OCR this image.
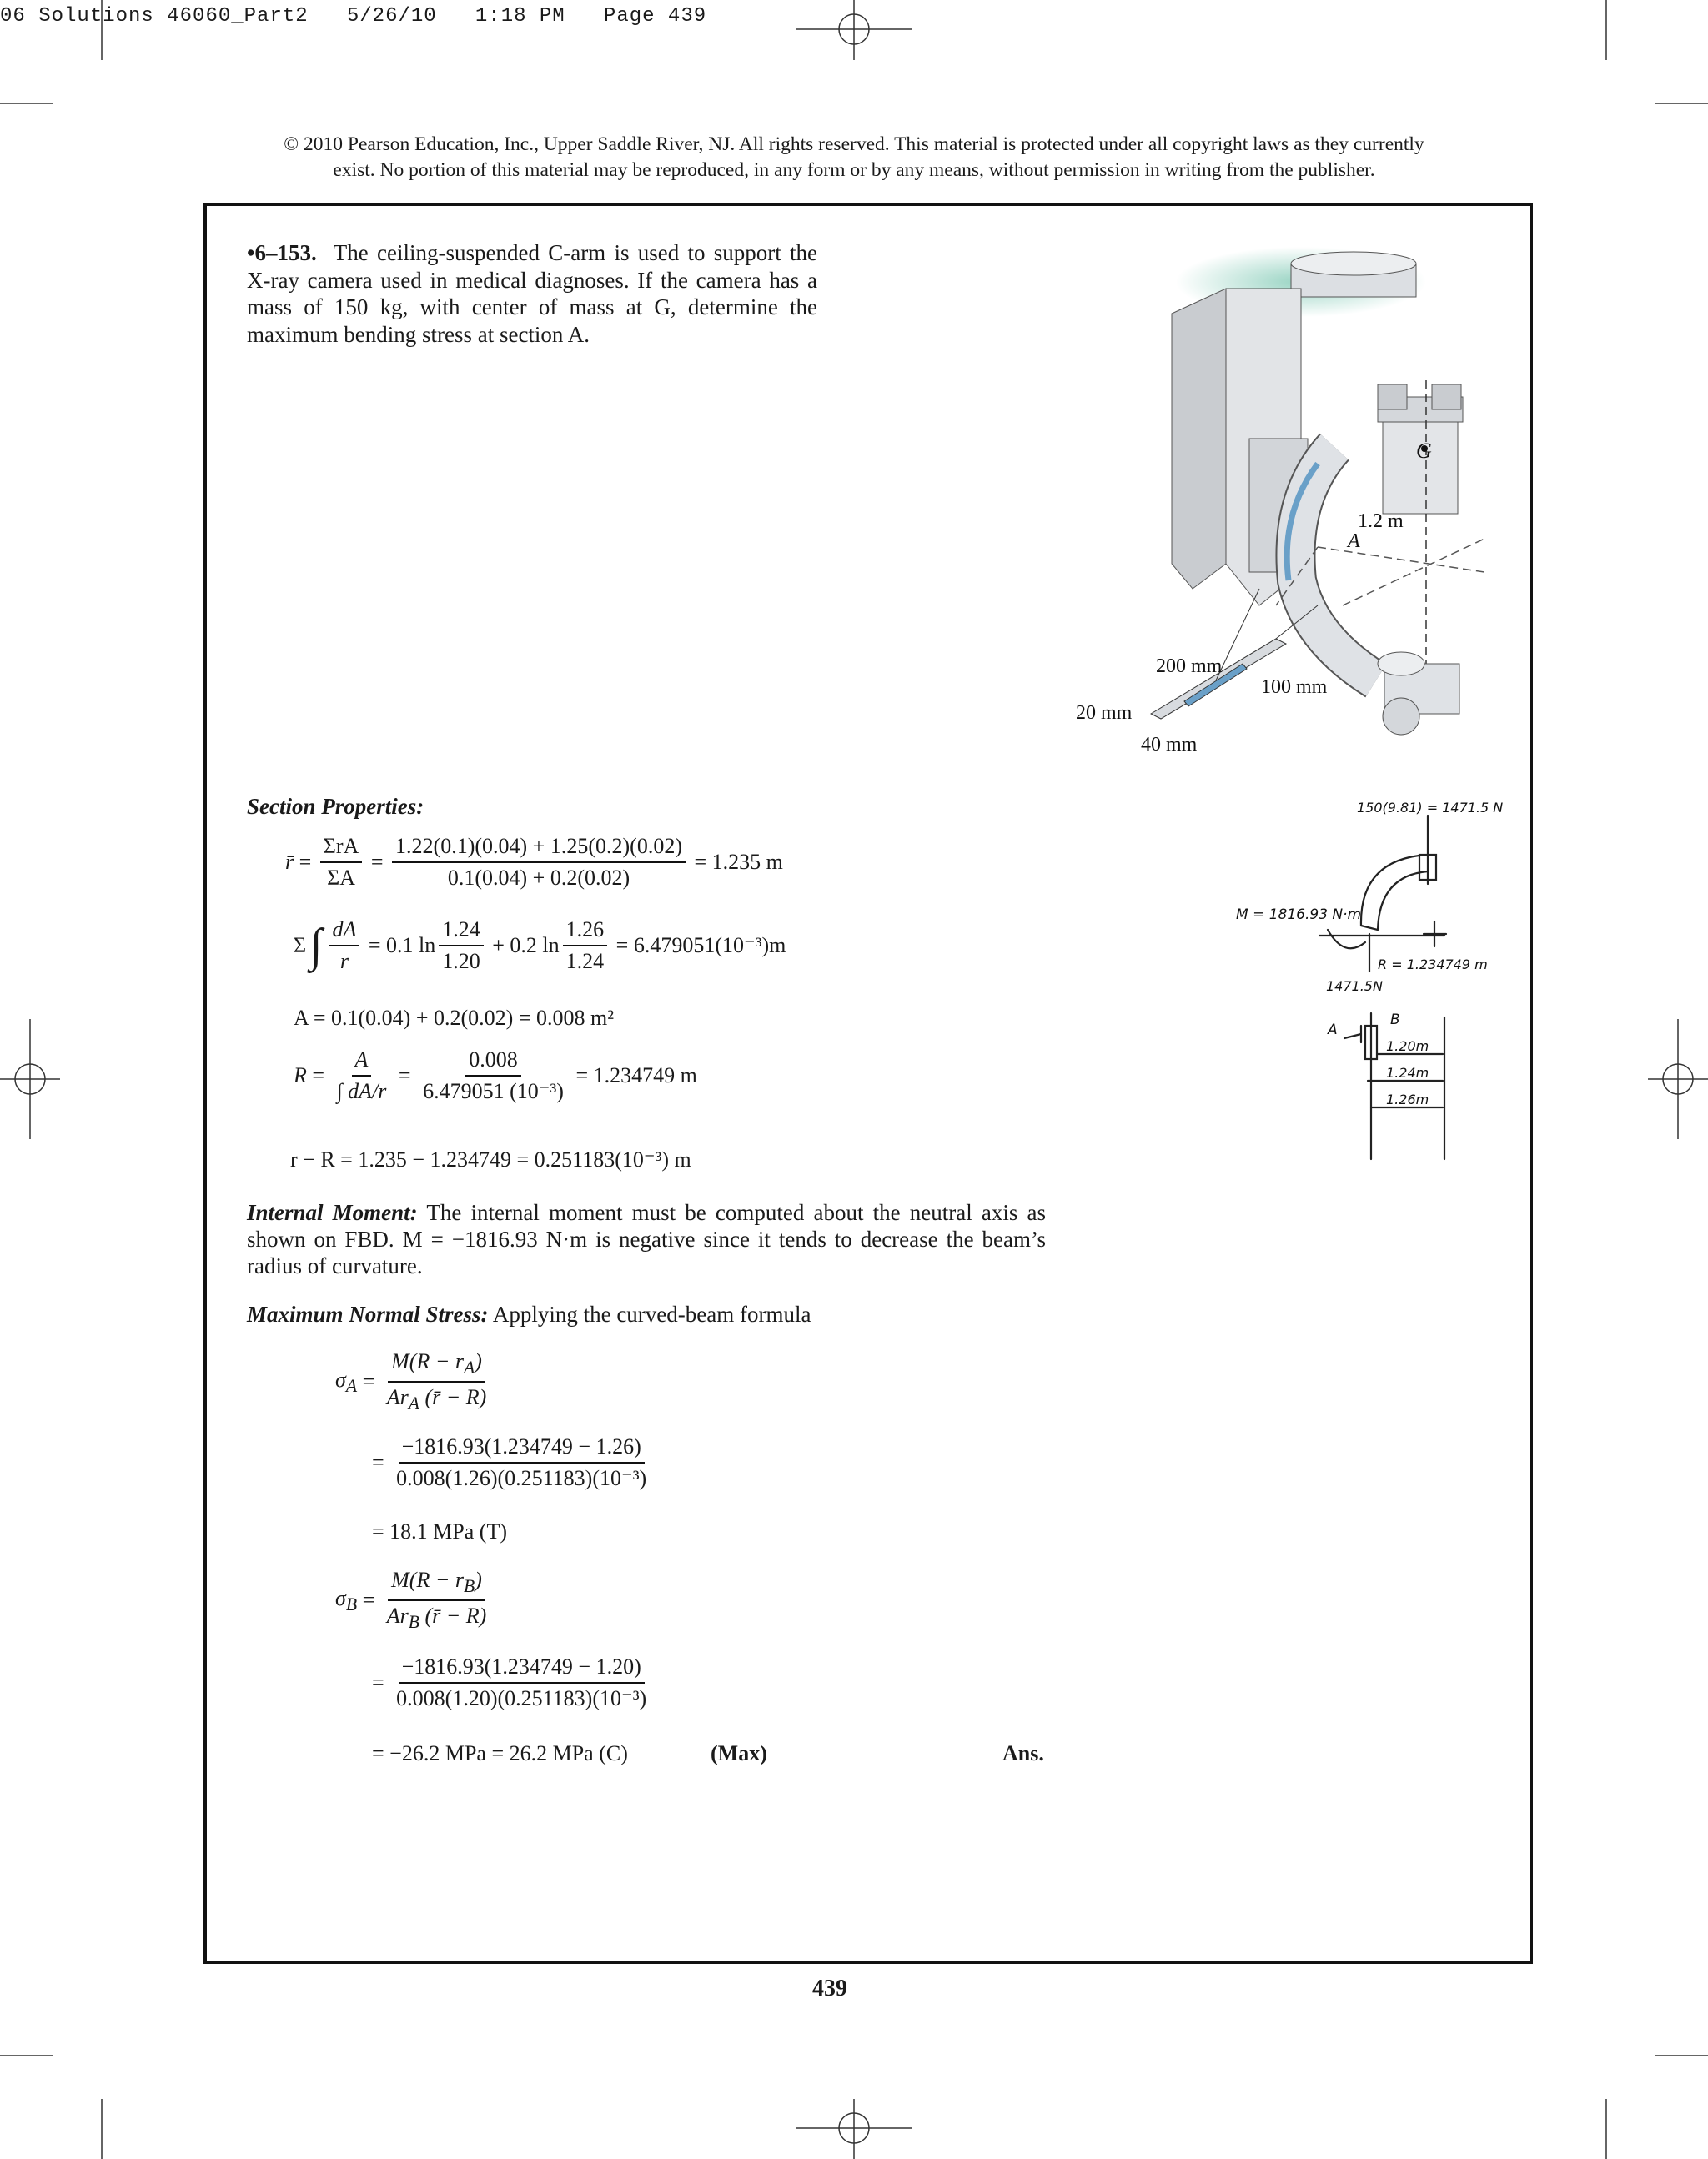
06 Solutions 46060_Part2   5/26/10   1:18 PM   Page 439
© 2010 Pearson Education, Inc., Upper Saddle River, NJ. All rights reserved. This material is protected under all copyright laws as they currently
exist. No portion of this material may be reproduced, in any form or by any means, without permission in writing from the publisher.
•6–153. The ceiling-suspended C-arm is used to support the X-ray camera used in medical diagnoses. If the camera has a mass of 150 kg, with center of mass at G, determine the maximum bending stress at section A.
G
1.2 m
A
200 mm
100 mm
20 mm
40 mm
150(9.81) = 1471.5 N
M = 1816.93 N·m
R = 1.234749 m
1471.5N
A
B
1.20m
1.24m
1.26m
Section Properties:
r̄ = $\frac{\text{ΣrA}}{\Sigma A} = \frac{1.22(0.1)(0.04) + 1.25(0.2)(0.02)}{0.1(0.04) + 0.2(0.02)}$
= 1.235 m
Σ ∫ $\frac{dA}{r}$
= 0.1 $\ln \frac{1.24}{1.20}$
+ 0.2 $\ln \frac{1.26}{1.24}$
= 6.479051(10⁻³)m
A = 0.1(0.04) + 0.2(0.02) = 0.008 m²
$R = \frac{A}{\int dA/r} = \frac{0.008}{\text{6.479051 (10⁻³)}}$
= 1.234749 m
r − R = 1.235 − 1.234749 = 0.251183(10⁻³) m
Internal Moment: The internal moment must be computed about the neutral axis as shown on FBD. M = −1816.93 N·m is negative since it tends to decrease the beam’s radius of curvature.
Maximum Normal Stress: Applying the curved-beam formula
$\sigma_A = \frac{M(R - r_A)}{Ar_A (r̄ - R)}$
= $\frac{-1816.93(1.234749 - 1.26)}{\text{0.008(1.26)(0.251183)(10⁻³)}}$
= 18.1 MPa (T)
$\sigma_B = \frac{M(R - r_B)}{Ar_B (r̄ - R)}$
= $\frac{-1816.93(1.234749 - 1.20)}{\text{0.008(1.20)(0.251183)(10⁻³)}}$
= −26.2 MPa = 26.2 MPa (C)	(Max)	Ans.
439
